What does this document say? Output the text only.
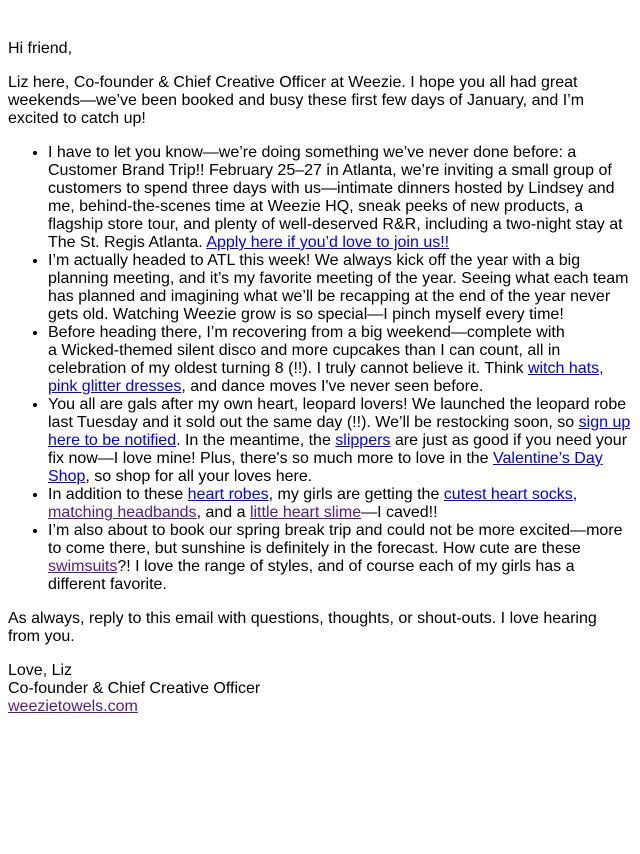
Hi friend,

Liz here, Co-founder & Chief Creative Officer at Weezie. I hope you all had great weekends—we’ve been booked and busy these first few days of January, and I’m excited to catch up!

• I have to let you know—we’re doing something we’ve never done before: a Customer Brand Trip!! February 25–27 in Atlanta, we’re inviting a small group of customers to spend three days with us—intimate dinners hosted by Lindsey and me, behind-the-scenes time at Weezie HQ, sneak peeks of new products, a flagship store tour, and plenty of well-deserved R&R, including a two-night stay at The St. Regis Atlanta. Apply here if you’d love to join us!!
• I’m actually headed to ATL this week! We always kick off the year with a big planning meeting, and it’s my favorite meeting of the year. Seeing what each team has planned and imagining what we’ll be recapping at the end of the year never gets old. Watching Weezie grow is so special—I pinch myself every time!
• Before heading there, I’m recovering from a big weekend—complete with a Wicked-themed silent disco and more cupcakes than I can count, all in celebration of my oldest turning 8 (!!). I truly cannot believe it. Think witch hats, pink glitter dresses, and dance moves I've never seen before.
• You all are gals after my own heart, leopard lovers! We launched the leopard robe last Tuesday and it sold out the same day (!!). We’ll be restocking soon, so sign up here to be notified. In the meantime, the slippers are just as good if you need your fix now—I love mine! Plus, there's so much more to love in the Valentine’s Day Shop, so shop for all your loves here.
• In addition to these heart robes, my girls are getting the cutest heart socks, matching headbands, and a little heart slime—I caved!!
• I’m also about to book our spring break trip and could not be more excited—more to come there, but sunshine is definitely in the forecast. How cute are these swimsuits?! I love the range of styles, and of course each of my girls has a different favorite.

As always, reply to this email with questions, thoughts, or shout-outs. I love hearing from you.

Love, Liz
Co-founder & Chief Creative Officer
weezietowels.com
